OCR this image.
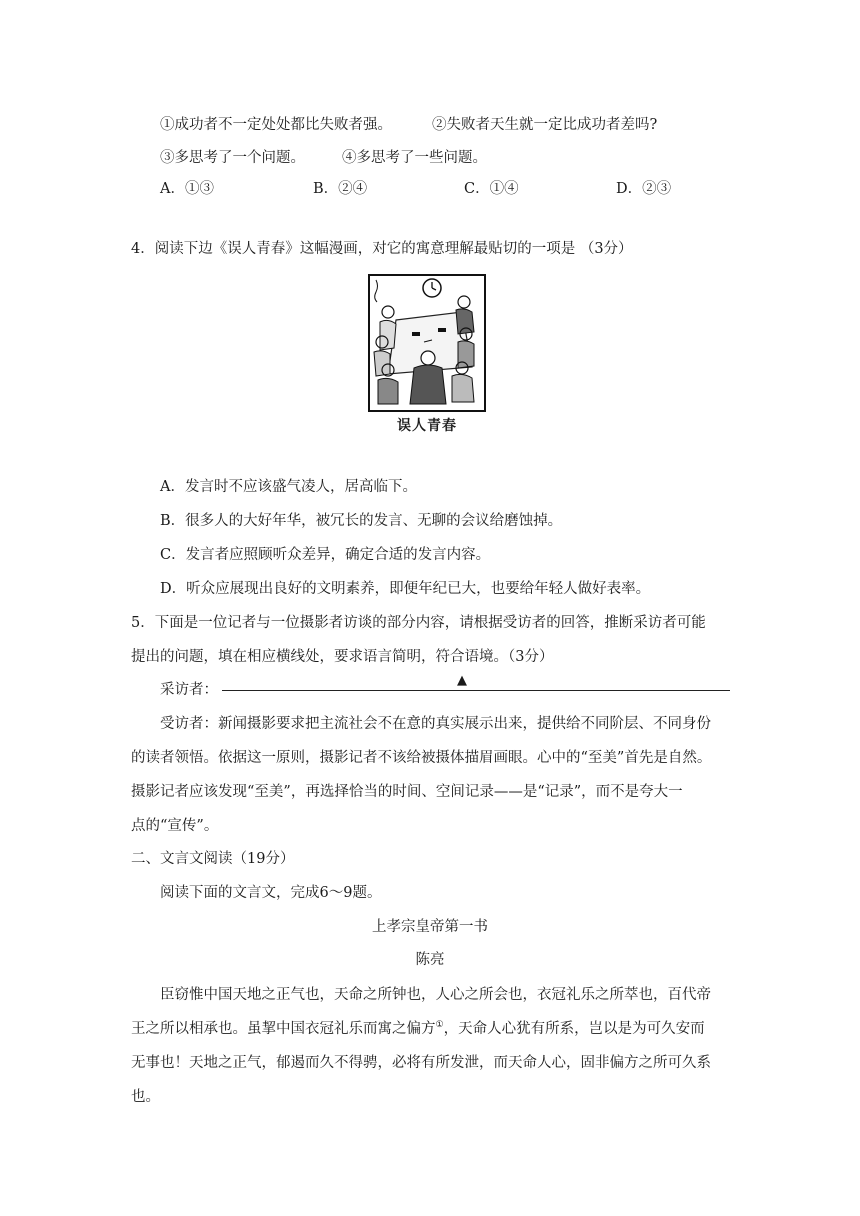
①成功者不一定处处都比失败者强。	②失败者天生就一定比成功者差吗?
③多思考了一个问题。	④多思考了一些问题。
A．①③	B．②④	C．①④	D．②③
4．阅读下边《误人青春》这幅漫画，对它的寓意理解最贴切的一项是 （3分）
误人青春
A．发言时不应该盛气凌人，居高临下。
B．很多人的大好年华，被冗长的发言、无聊的会议给磨蚀掉。
C．发言者应照顾听众差异，确定合适的发言内容。
D．听众应展现出良好的文明素养，即便年纪已大，也要给年轻人做好表率。
5．下面是一位记者与一位摄影者访谈的部分内容，请根据受访者的回答，推断采访者可能
提出的问题，填在相应横线处，要求语言简明，符合语境。（3分）
采访者：
▲
受访者：新闻摄影要求把主流社会不在意的真实展示出来，提供给不同阶层、不同身份
的读者领悟。依据这一原则，摄影记者不该给被摄体描眉画眼。心中的“至美”首先是自然。
摄影记者应该发现“至美”，再选择恰当的时间、空间记录——是“记录”，而不是夸大一
点的“宣传”。
二、文言文阅读（19分）
阅读下面的文言文，完成6～9题。
上孝宗皇帝第一书
陈亮
臣窃惟中国天地之正气也，天命之所钟也，人心之所会也，衣冠礼乐之所萃也，百代帝
王之所以相承也。虽挈中国衣冠礼乐而寓之偏方①，天命人心犹有所系，岂以是为可久安而
无事也！天地之正气，郁遏而久不得骋，必将有所发泄，而天命人心，固非偏方之所可久系
也。
